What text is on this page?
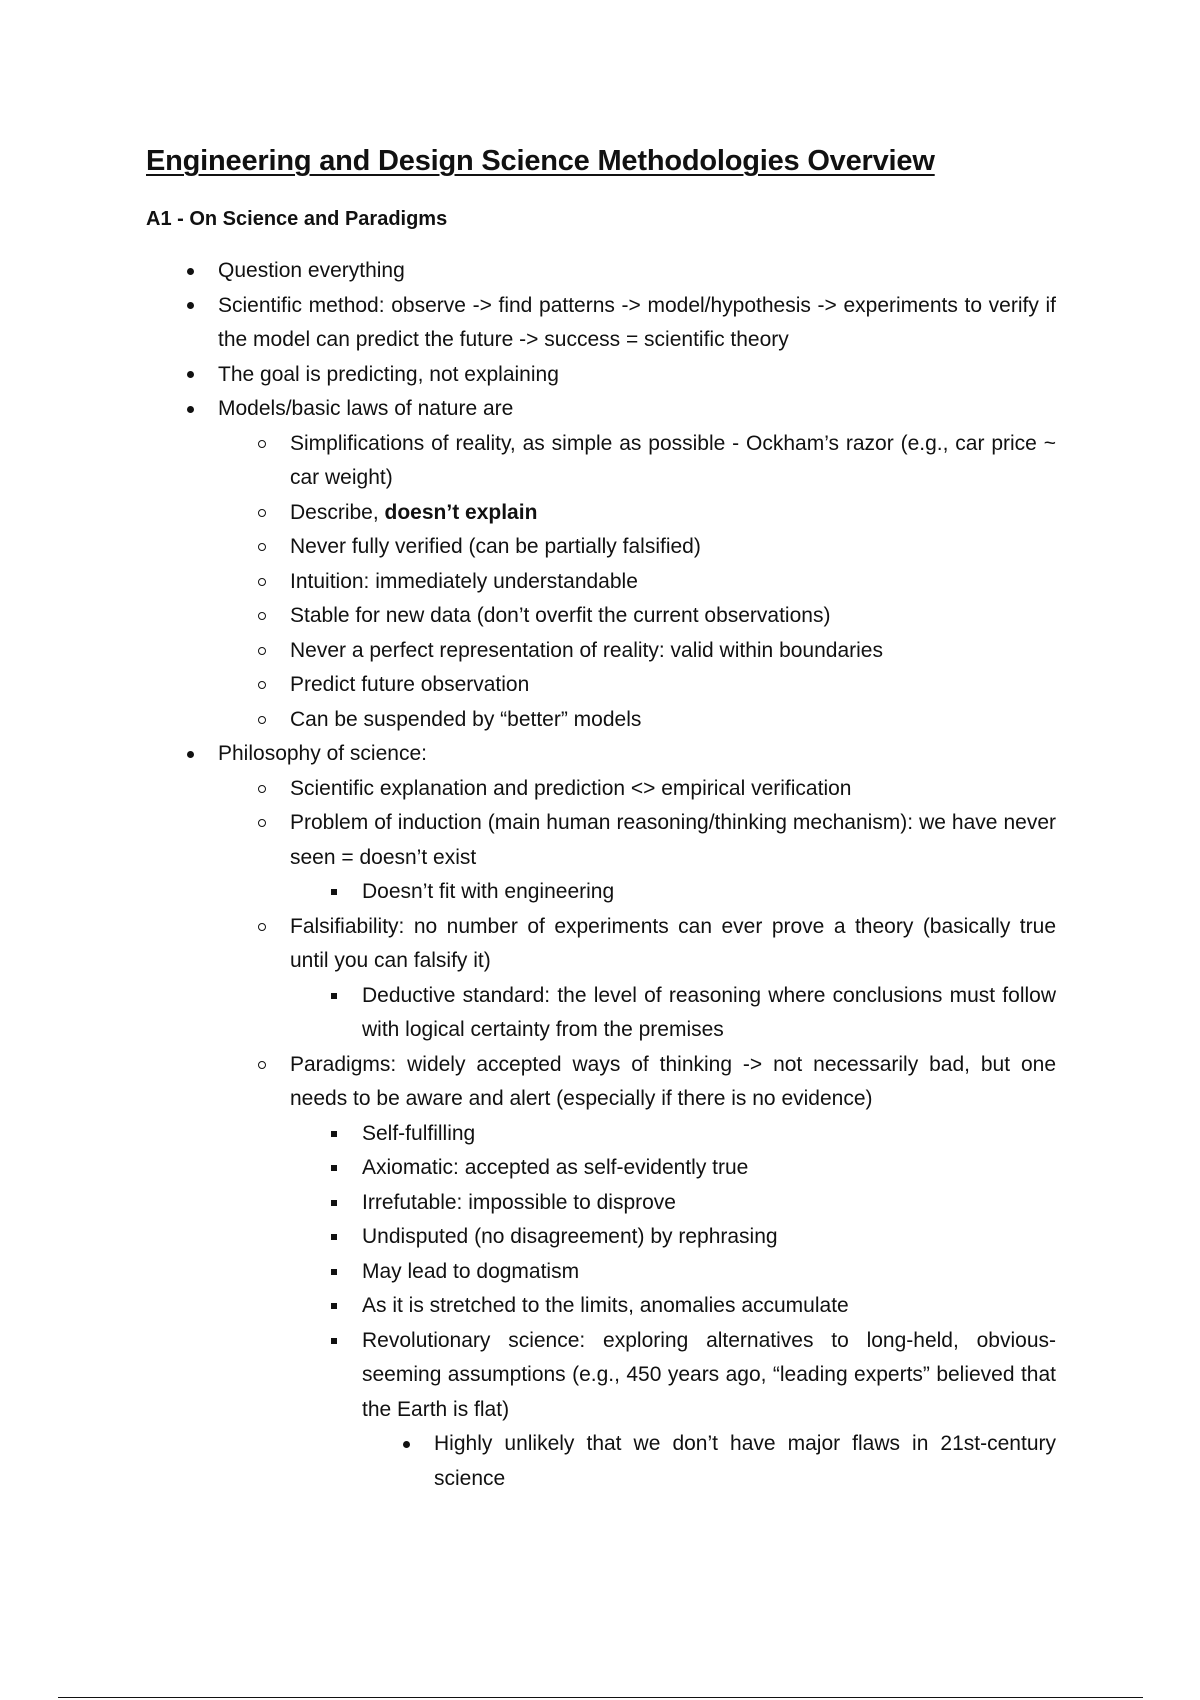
Engineering and Design Science Methodologies Overview
A1 - On Science and Paradigms
Question everything
Scientific method: observe -> find patterns -> model/hypothesis -> experiments to verify if the model can predict the future -> success = scientific theory
The goal is predicting, not explaining
Models/basic laws of nature are
Simplifications of reality, as simple as possible - Ockham’s razor (e.g., car price ~ car weight)
Describe, doesn’t explain
Never fully verified (can be partially falsified)
Intuition: immediately understandable
Stable for new data (don’t overfit the current observations)
Never a perfect representation of reality: valid within boundaries
Predict future observation
Can be suspended by “better” models
Philosophy of science:
Scientific explanation and prediction <> empirical verification
Problem of induction (main human reasoning/thinking mechanism): we have never seen = doesn’t exist
Doesn’t fit with engineering
Falsifiability: no number of experiments can ever prove a theory (basically true until you can falsify it)
Deductive standard: the level of reasoning where conclusions must follow with logical certainty from the premises
Paradigms: widely accepted ways of thinking -> not necessarily bad, but one needs to be aware and alert (especially if there is no evidence)
Self-fulfilling
Axiomatic: accepted as self-evidently true
Irrefutable: impossible to disprove
Undisputed (no disagreement) by rephrasing
May lead to dogmatism
As it is stretched to the limits, anomalies accumulate
Revolutionary science: exploring alternatives to long-held, obvious-seeming assumptions (e.g., 450 years ago, “leading experts” believed that the Earth is flat)
Highly unlikely that we don’t have major flaws in 21st-century science
